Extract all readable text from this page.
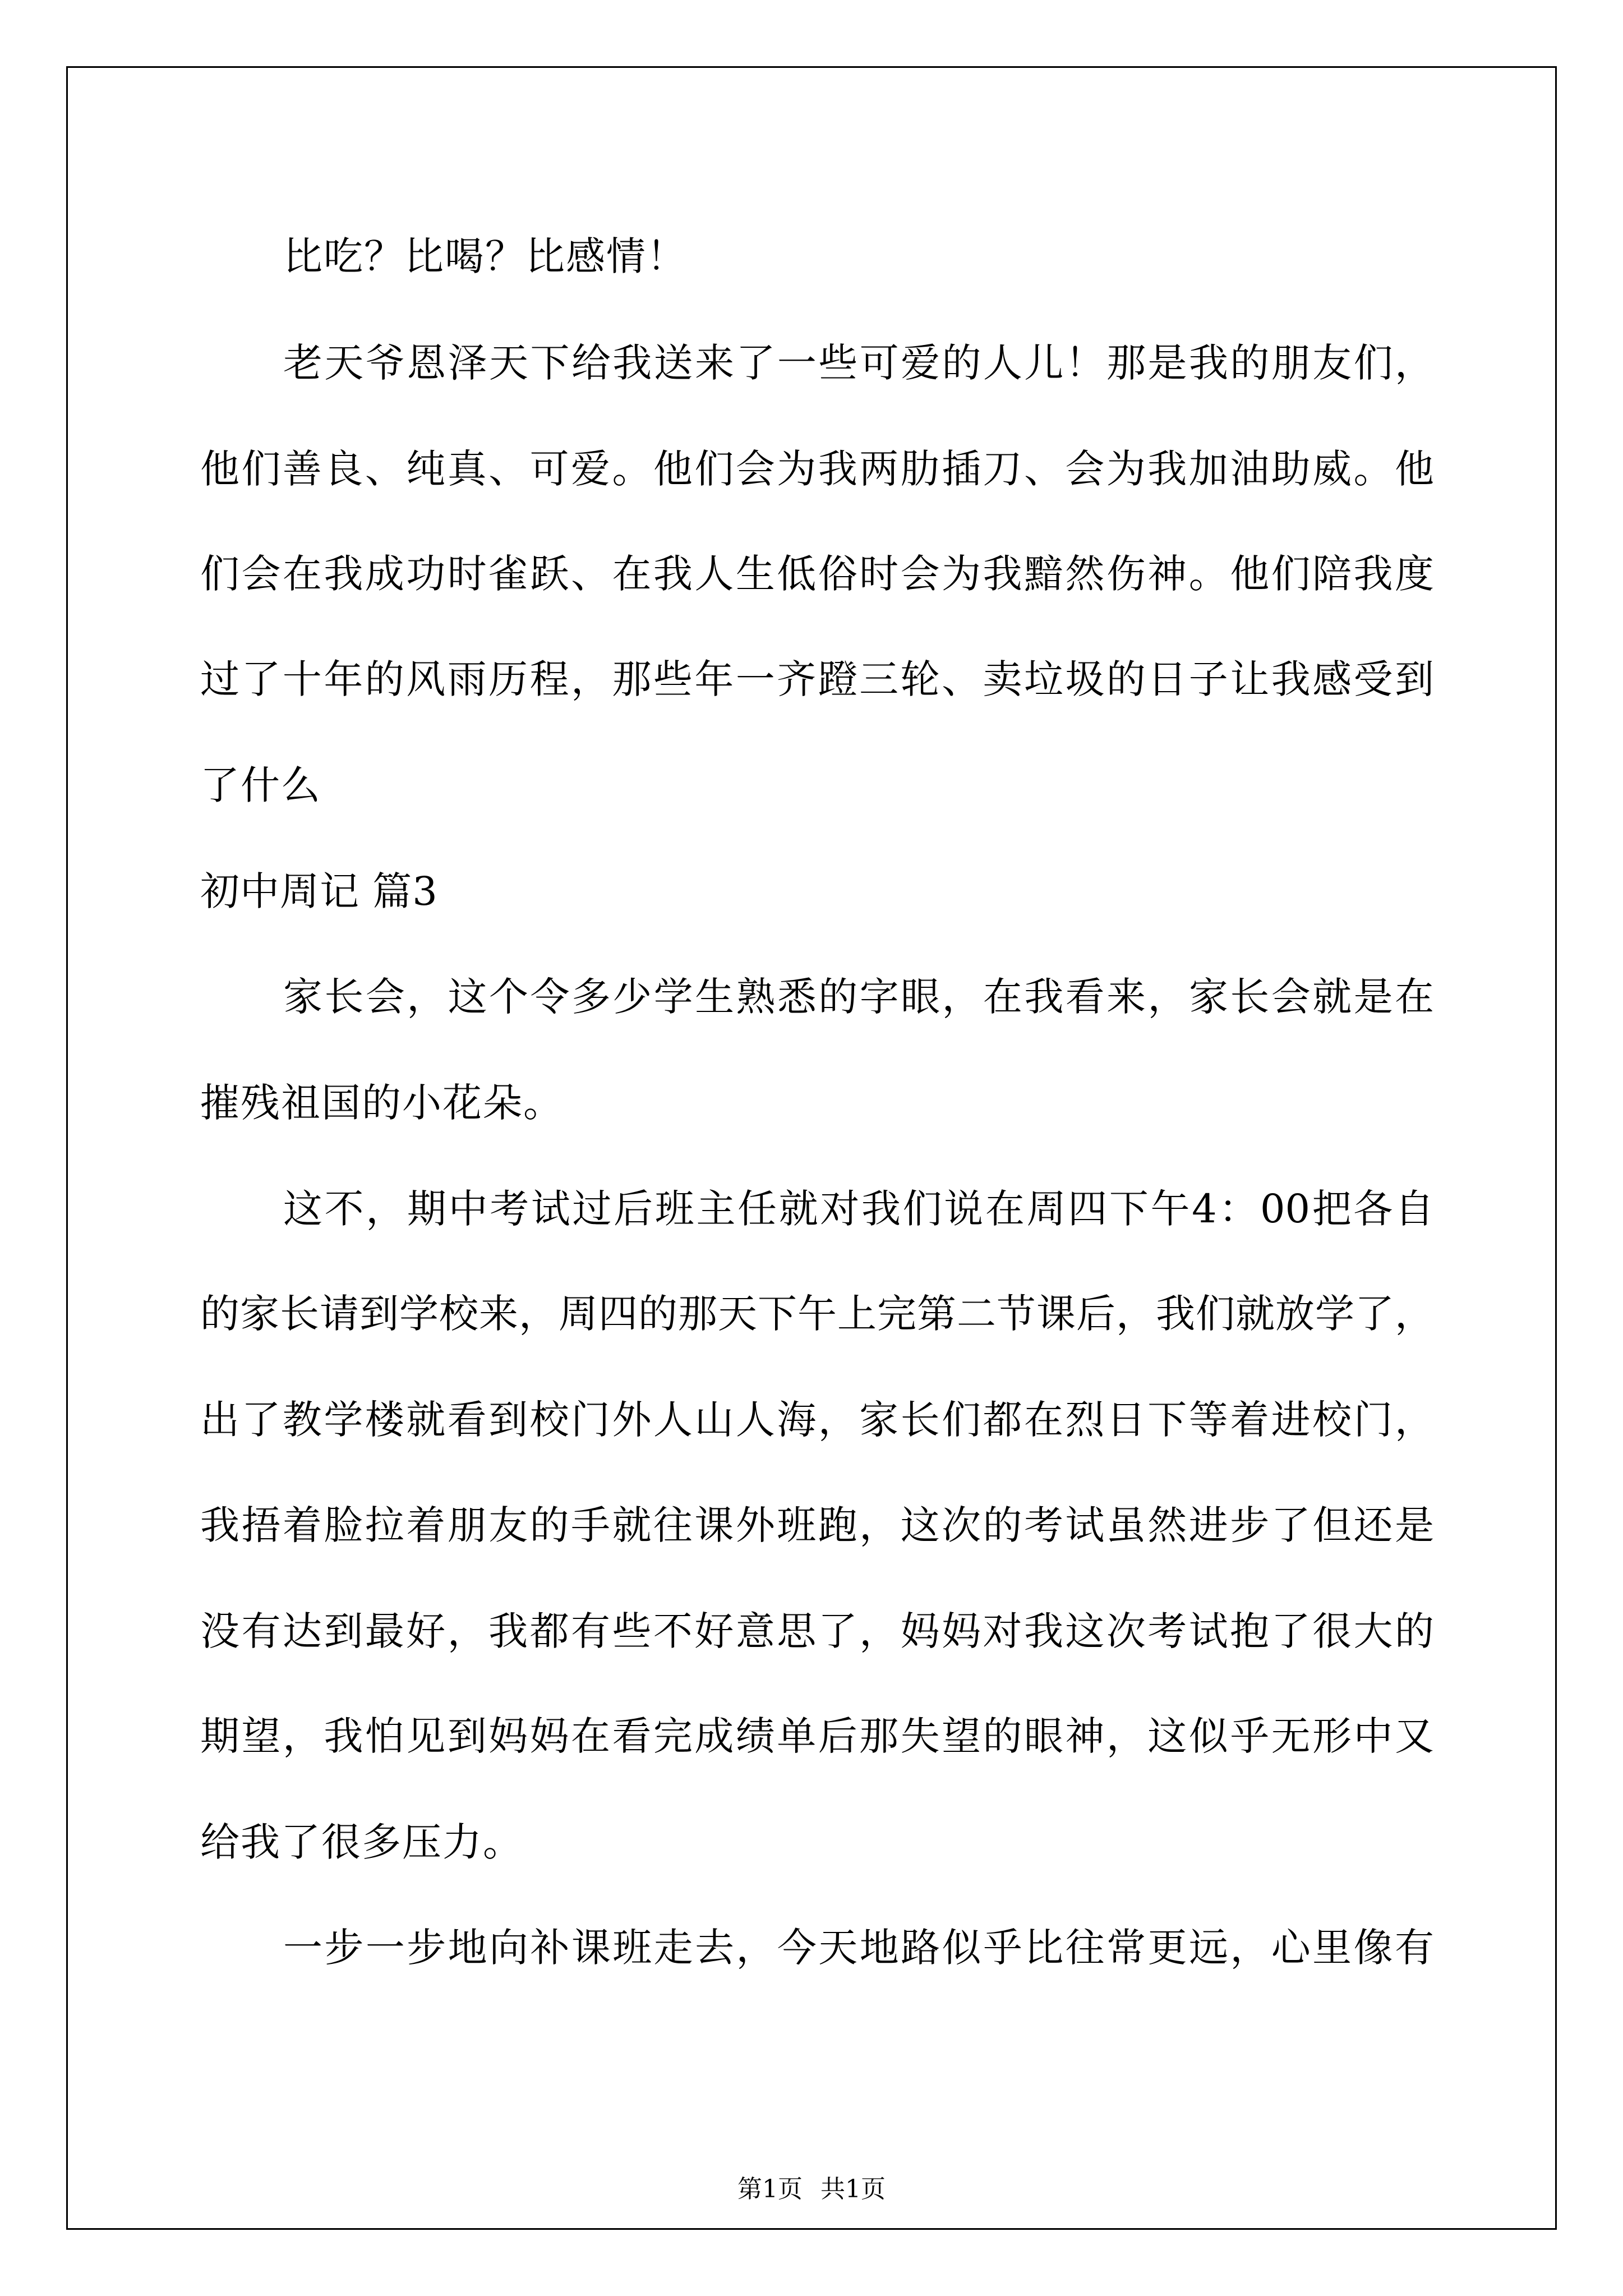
比吃？比喝？比感情！
老天爷恩泽天下给我送来了一些可爱的人儿！那是我的朋友们，
他们善良、纯真、可爱。他们会为我两肋插刀、会为我加油助威。他
们会在我成功时雀跃、在我人生低俗时会为我黯然伤神。他们陪我度
过了十年的风雨历程，那些年一齐蹬三轮、卖垃圾的日子让我感受到
了什么
初中周记 篇3
家长会，这个令多少学生熟悉的字眼，在我看来，家长会就是在
摧残祖国的小花朵。
这不，期中考试过后班主任就对我们说在周四下午4：00把各自
的家长请到学校来，周四的那天下午上完第二节课后，我们就放学了，
出了教学楼就看到校门外人山人海，家长们都在烈日下等着进校门，
我捂着脸拉着朋友的手就往课外班跑，这次的考试虽然进步了但还是
没有达到最好，我都有些不好意思了，妈妈对我这次考试抱了很大的
期望，我怕见到妈妈在看完成绩单后那失望的眼神，这似乎无形中又
给我了很多压力。
一步一步地向补课班走去，今天地路似乎比往常更远，心里像有
第1页 共1页
